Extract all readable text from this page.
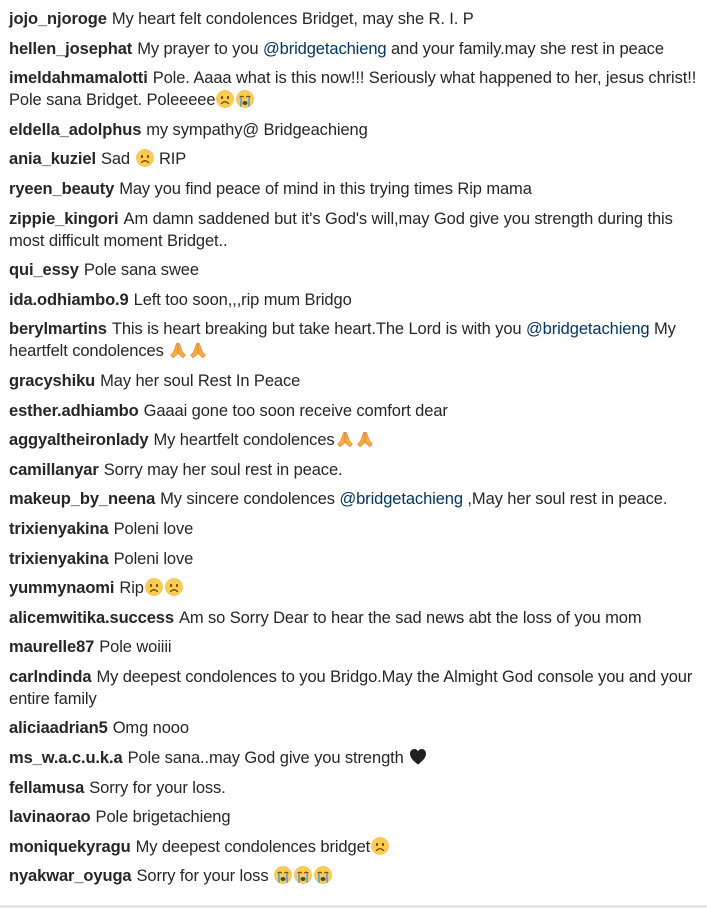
jojo_njoroge My heart felt condolences Bridget, may she R. I. P
hellen_josephat My prayer to you @bridgetachieng and your family.may she rest in peace
imeldahmamalotti Pole. Aaaa what is this now!!! Seriously what happened to her, jesus christ!! Pole sana Bridget. Poleeeee
eldella_adolphus my sympathy@ Bridgeachieng
ania_kuziel Sad
RIP
ryeen_beauty May you find peace of mind in this trying times Rip mama
zippie_kingori Am damn saddened but it's God's will,may God give you strength during this most difficult moment Bridget..
qui_essy Pole sana swee
ida.odhiambo.9 Left too soon,,,rip mum Bridgo
berylmartins This is heart breaking but take heart.The Lord is with you @bridgetachieng My heartfelt condolences
gracyshiku May her soul Rest In Peace
esther.adhiambo Gaaai gone too soon receive comfort dear
aggyaltheironlady My heartfelt condolences
camillanyar Sorry may her soul rest in peace.
makeup_by_neena My sincere condolences @bridgetachieng ,May her soul rest in peace.
trixienyakina Poleni love
trixienyakina Poleni love
yummynaomi Rip
alicemwitika.success Am so Sorry Dear to hear the sad news abt the loss of you mom
maurelle87 Pole woiiii
carlndinda My deepest condolences to you Bridgo.May the Almight God console you and your entire family
aliciaadrian5 Omg nooo
ms_w.a.c.u.k.a Pole sana..may God give you strength
fellamusa Sorry for your loss.
lavinaorao Pole brigetachieng
moniquekyragu My deepest condolences bridget
nyakwar_oyuga Sorry for your loss
